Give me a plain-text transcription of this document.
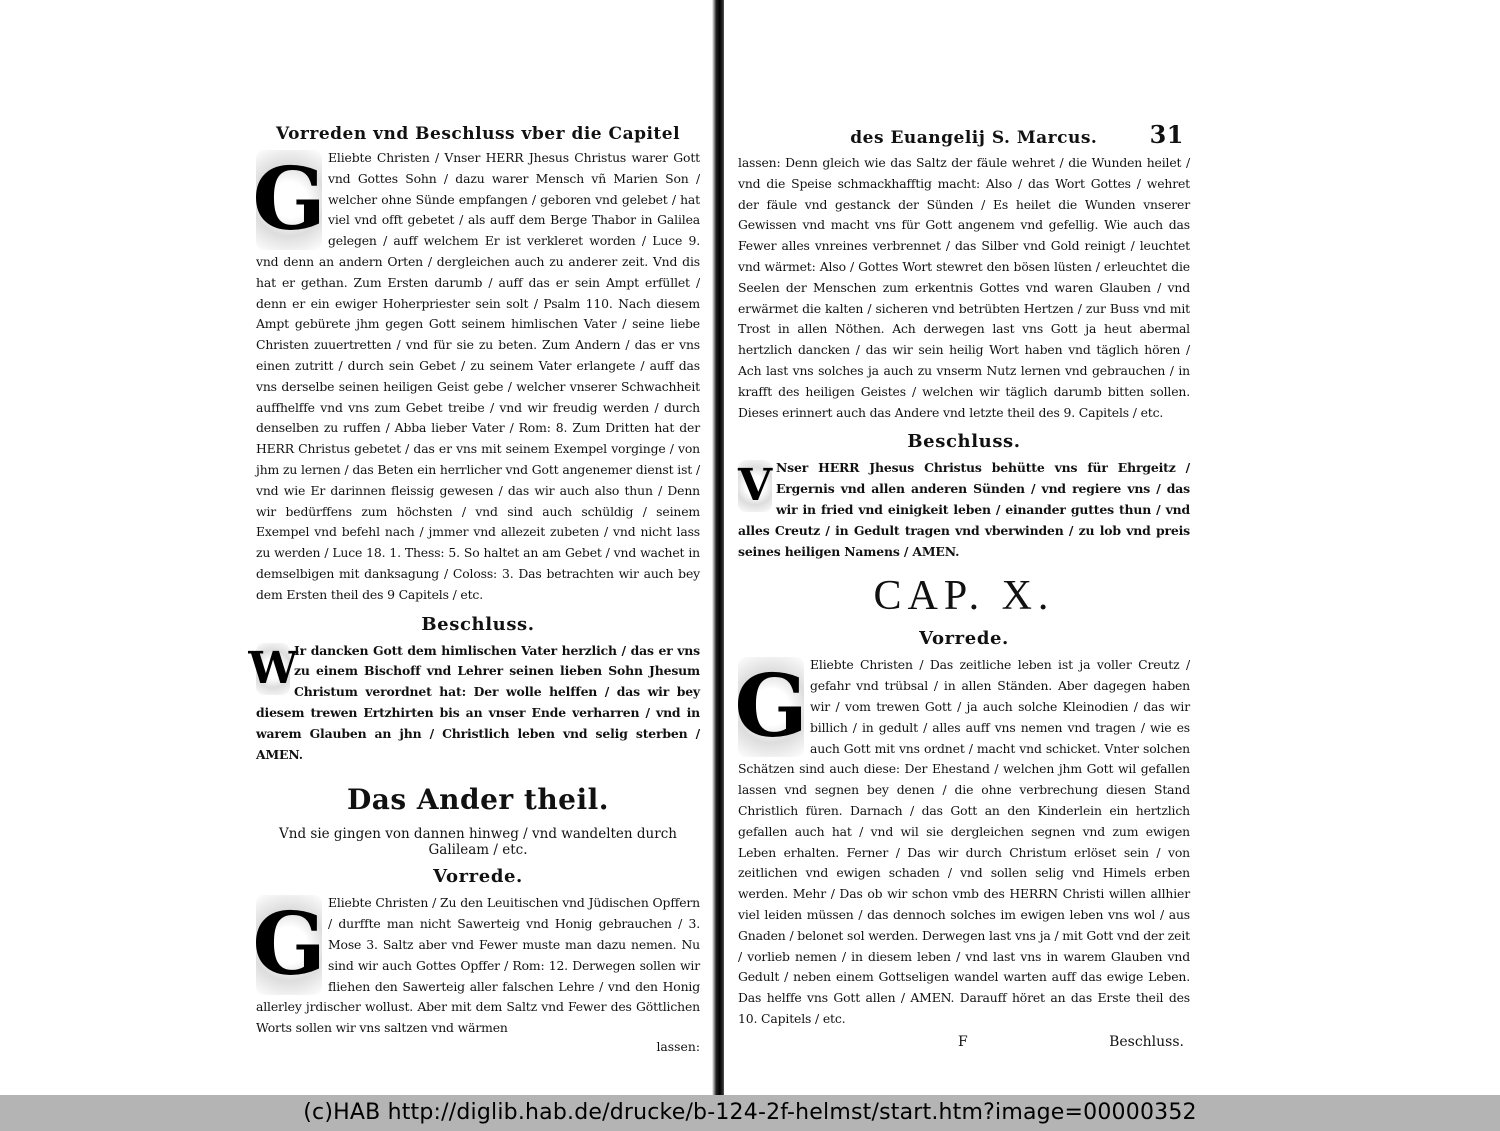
Vorreden vnd Beschluss vber die Capitel

G Eliebte Christen / Vnser HERR Jhesus Christus warer Gott vnd Gottes Sohn / dazu warer Mensch vñ Marien Son / welcher ohne Sünde empfangen / geboren vnd gelebet / hat viel vnd offt gebetet / als auff dem Berge Thabor in Galilea gelegen / auff welchem Er ist verkleret worden / Luce 9. vnd denn an andern Orten / dergleichen auch zu anderer zeit. Vnd dis hat er gethan. Zum Ersten darumb / auff das er sein Ampt erfüllet / denn er ein ewiger Hoherpriester sein solt / Psalm 110. Nach diesem Ampt gebürete jhm gegen Gott seinem himlischen Vater / seine liebe Christen zuuertretten / vnd für sie zu beten. Zum Andern / das er vns einen zutritt / durch sein Gebet / zu seinem Vater erlangete / auff das vns derselbe seinen heiligen Geist gebe / welcher vnserer Schwachheit auffhelffe vnd vns zum Gebet treibe / vnd wir freudig werden / durch denselben zu ruffen / Abba lieber Vater / Rom: 8. Zum Dritten hat der HERR Christus gebetet / das er vns mit seinem Exempel vorginge / von jhm zu lernen / das Beten ein herrlicher vnd Gott angenemer dienst ist / vnd wie Er darinnen fleissig gewesen / das wir auch also thun / Denn wir bedürffens zum höchsten / vnd sind auch schüldig / seinem Exempel vnd befehl nach / jmmer vnd allezeit zubeten / vnd nicht lass zu werden / Luce 18. 1. Thess: 5. So haltet an am Gebet / vnd wachet in demselbigen mit danksagung / Coloss: 3. Das betrachten wir auch bey dem Ersten theil des 9 Capitels / etc.

Beschluss.

W
Ir dancken Gott dem himlischen Vater herzlich / das er vns zu einem Bischoff vnd Lehrer seinen lieben Sohn Jhesum Christum verordnet hat: Der wolle helffen / das wir bey diesem trewen Ertzhirten bis an vnser Ende verharren / vnd in warem Glauben an jhn / Christlich leben vnd selig sterben / AMEN.

Das Ander theil.
Vnd sie gingen von dannen hinweg / vnd wandelten durch Galileam / etc.
Vorrede.

G Eliebte Christen / Zu den Leuitischen vnd Jüdischen Opffern / durffte man nicht Sawerteig vnd Honig gebrauchen / 3. Mose 3. Saltz aber vnd Fewer muste man dazu nemen. Nu sind wir auch Gottes Opffer / Rom: 12. Derwegen sollen wir fliehen den Sawerteig aller falschen Lehre / vnd den Honig allerley jrdischer wollust. Aber mit dem Saltz vnd Fewer des Göttlichen Worts sollen wir vns saltzen vnd wärmen

lassen:
des Euangelij S. Marcus.	31

lassen: Denn gleich wie das Saltz der fäule wehret / die Wunden heilet / vnd die Speise schmackhafftig macht: Also / das Wort Gottes / wehret der fäule vnd gestanck der Sünden / Es heilet die Wunden vnserer Gewissen vnd macht vns für Gott angenem vnd gefellig. Wie auch das Fewer alles vnreines verbrennet / das Silber vnd Gold reinigt / leuchtet vnd wärmet: Also / Gottes Wort stewret den bösen lüsten / erleuchtet die Seelen der Menschen zum erkentnis Gottes vnd waren Glauben / vnd erwärmet die kalten / sicheren vnd betrübten Hertzen / zur Buss vnd mit Trost in allen Nöthen. Ach derwegen last vns Gott ja heut abermal hertzlich dancken / das wir sein heilig Wort haben vnd täglich hören / Ach last vns solches ja auch zu vnserm Nutz lernen vnd gebrauchen / in krafft des heiligen Geistes / welchen wir täglich darumb bitten sollen. Dieses erinnert auch das Andere vnd letzte theil des 9. Capitels / etc.

Beschluss.

V Nser HERR Jhesus Christus behütte vns für Ehrgeitz / Ergernis vnd allen anderen Sünden / vnd regiere vns / das wir in fried vnd einigkeit leben / einander guttes thun / vnd alles Creutz / in Gedult tragen vnd vberwinden / zu lob vnd preis seines heiligen Namens / AMEN.

CAP. X.
Vorrede.

G Eliebte Christen / Das zeitliche leben ist ja voller Creutz / gefahr vnd trübsal / in allen Ständen. Aber dagegen haben wir / vom trewen Gott / ja auch solche Kleinodien / das wir billich / in gedult / alles auff vns nemen vnd tragen / wie es auch Gott mit vns ordnet / macht vnd schicket. Vnter solchen Schätzen sind auch diese: Der Ehestand / welchen jhm Gott wil gefallen lassen vnd segnen bey denen / die ohne verbrechung diesen Stand Christlich füren. Darnach / das Gott an den Kinderlein ein hertzlich gefallen auch hat / vnd wil sie dergleichen segnen vnd zum ewigen Leben erhalten. Ferner / Das wir durch Christum erlöset sein / von zeitlichen vnd ewigen schaden / vnd sollen selig vnd Himels erben werden. Mehr / Das ob wir schon vmb des HERRN Christi willen allhier viel leiden müssen / das dennoch solches im ewigen leben vns wol / aus Gnaden / belonet sol werden. Derwegen last vns ja / mit Gott vnd der zeit / vorlieb nemen / in diesem leben / vnd last vns in warem Glauben vnd Gedult / neben einem Gottseligen wandel warten auff das ewige Leben. Das helffe vns Gott allen / AMEN. Darauff höret an das Erste theil des 10. Capitels / etc.

F	Beschluss.
(c)HAB http://diglib.hab.de/drucke/b-124-2f-helmst/start.htm?image=00000352
